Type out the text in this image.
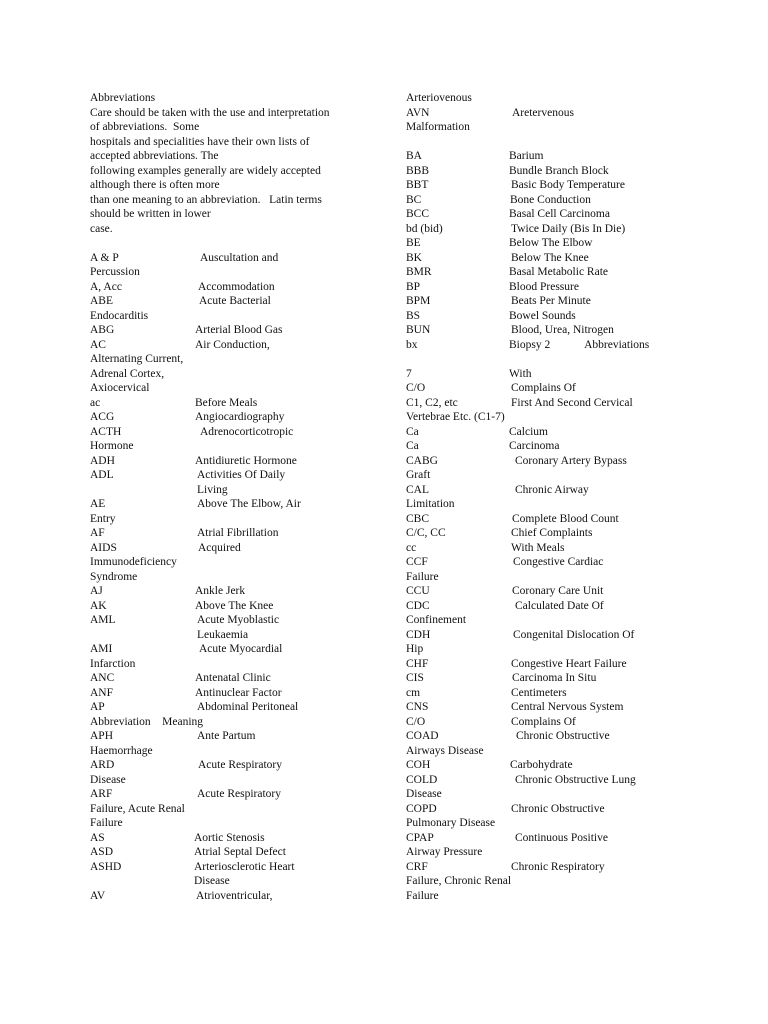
Abbreviations
Care should be taken with the use and interpretation
of abbreviations.  Some
hospitals and specialities have their own lists of
accepted abbreviations. The
following examples generally are widely accepted
although there is often more
than one meaning to an abbreviation.   Latin terms
should be written in lower
case.
A & P	Auscultation and
Percussion
A, Acc	Accommodation
ABE	Acute Bacterial
Endocarditis
ABG	Arterial Blood Gas
AC	Air Conduction,
Alternating Current,
Adrenal Cortex,
Axiocervical
ac	Before Meals
ACG	Angiocardiography
ACTH	Adrenocorticotropic
Hormone
ADH	Antidiuretic Hormone
ADL	Activities Of Daily
Living
AE	Above The Elbow, Air
Entry
AF	Atrial Fibrillation
AIDS	Acquired
Immunodeficiency
Syndrome
AJ	Ankle Jerk
AK	Above The Knee
AML	Acute Myoblastic
Leukaemia
AMI	Acute Myocardial
Infarction
ANC	Antenatal Clinic
ANF	Antinuclear Factor
AP	Abdominal Peritoneal
Abbreviation    Meaning
APH	Ante Partum
Haemorrhage
ARD	Acute Respiratory
Disease
ARF	Acute Respiratory
Failure, Acute Renal
Failure
AS	Aortic Stenosis
ASD	Atrial Septal Defect
ASHD	Arteriosclerotic Heart
Disease
AV	Atrioventricular,
Arteriovenous
AVN	Aretervenous
Malformation
BA	Barium
BBB	Bundle Branch Block
BBT	Basic Body Temperature
BC	Bone Conduction
BCC	Basal Cell Carcinoma
bd (bid)	Twice Daily (Bis In Die)
BE	Below The Elbow
BK	Below The Knee
BMR	Basal Metabolic Rate
BP	Blood Pressure
BPM	Beats Per Minute
BS	Bowel Sounds
BUN	Blood, Urea, Nitrogen
bx	Biopsy 2            Abbreviations
7	With
C/O	Complains Of
C1, C2, etc	First And Second Cervical
Vertebrae Etc. (C1-7)
Ca	Calcium
Ca	Carcinoma
CABG	Coronary Artery Bypass
Graft
CAL	Chronic Airway
Limitation
CBC	Complete Blood Count
C/C, CC	Chief Complaints
cc	With Meals
CCF	Congestive Cardiac
Failure
CCU	Coronary Care Unit
CDC	Calculated Date Of
Confinement
CDH	Congenital Dislocation Of
Hip
CHF	Congestive Heart Failure
CIS	Carcinoma In Situ
cm	Centimeters
CNS	Central Nervous System
C/O	Complains Of
COAD	Chronic Obstructive
Airways Disease
COH	Carbohydrate
COLD	Chronic Obstructive Lung
Disease
COPD	Chronic Obstructive
Pulmonary Disease
CPAP	Continuous Positive
Airway Pressure
CRF	Chronic Respiratory
Failure, Chronic Renal
Failure
